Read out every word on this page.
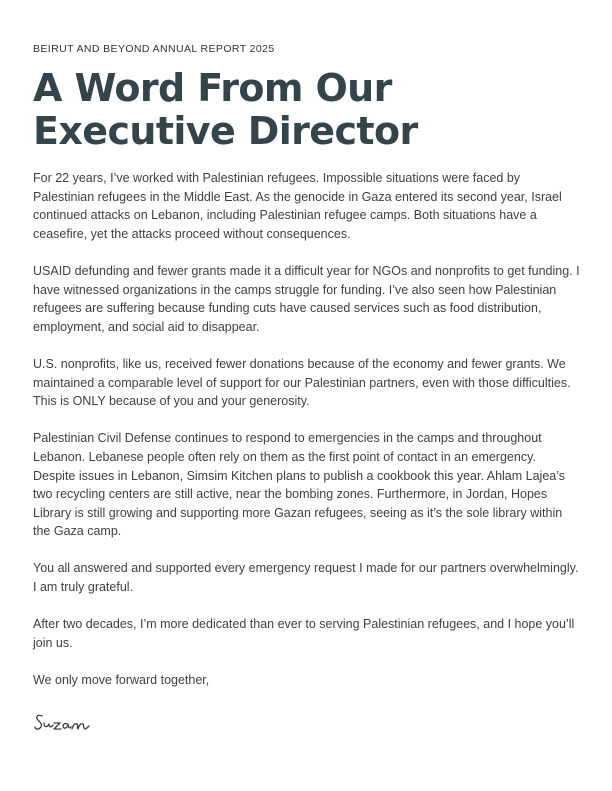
BEIRUT AND BEYOND ANNUAL REPORT 2025
A Word From Our
Executive Director

For 22 years, I’ve worked with Palestinian refugees. Impossible situations were faced by Palestinian refugees in the Middle East. As the genocide in Gaza entered its second year, Israel continued attacks on Lebanon, including Palestinian refugee camps. Both situations have a ceasefire, yet the attacks proceed without consequences.

USAID defunding and fewer grants made it a difficult year for NGOs and nonprofits to get funding. I have witnessed organizations in the camps struggle for funding. I’ve also seen how Palestinian refugees are suffering because funding cuts have caused services such as food distribution, employment, and social aid to disappear.

U.S. nonprofits, like us, received fewer donations because of the economy and fewer grants. We maintained a comparable level of support for our Palestinian partners, even with those difficulties. This is ONLY because of you and your generosity.

Palestinian Civil Defense continues to respond to emergencies in the camps and throughout Lebanon. Lebanese people often rely on them as the first point of contact in an emergency. Despite issues in Lebanon, Simsim Kitchen plans to publish a cookbook this year. Ahlam Lajea’s two recycling centers are still active, near the bombing zones. Furthermore, in Jordan, Hopes Library is still growing and supporting more Gazan refugees, seeing as it’s the sole library within the Gaza camp.

You all answered and supported every emergency request I made for our partners overwhelmingly. I am truly grateful.

After two decades, I’m more dedicated than ever to serving Palestinian refugees, and I hope you’ll join us.

We only move forward together,
